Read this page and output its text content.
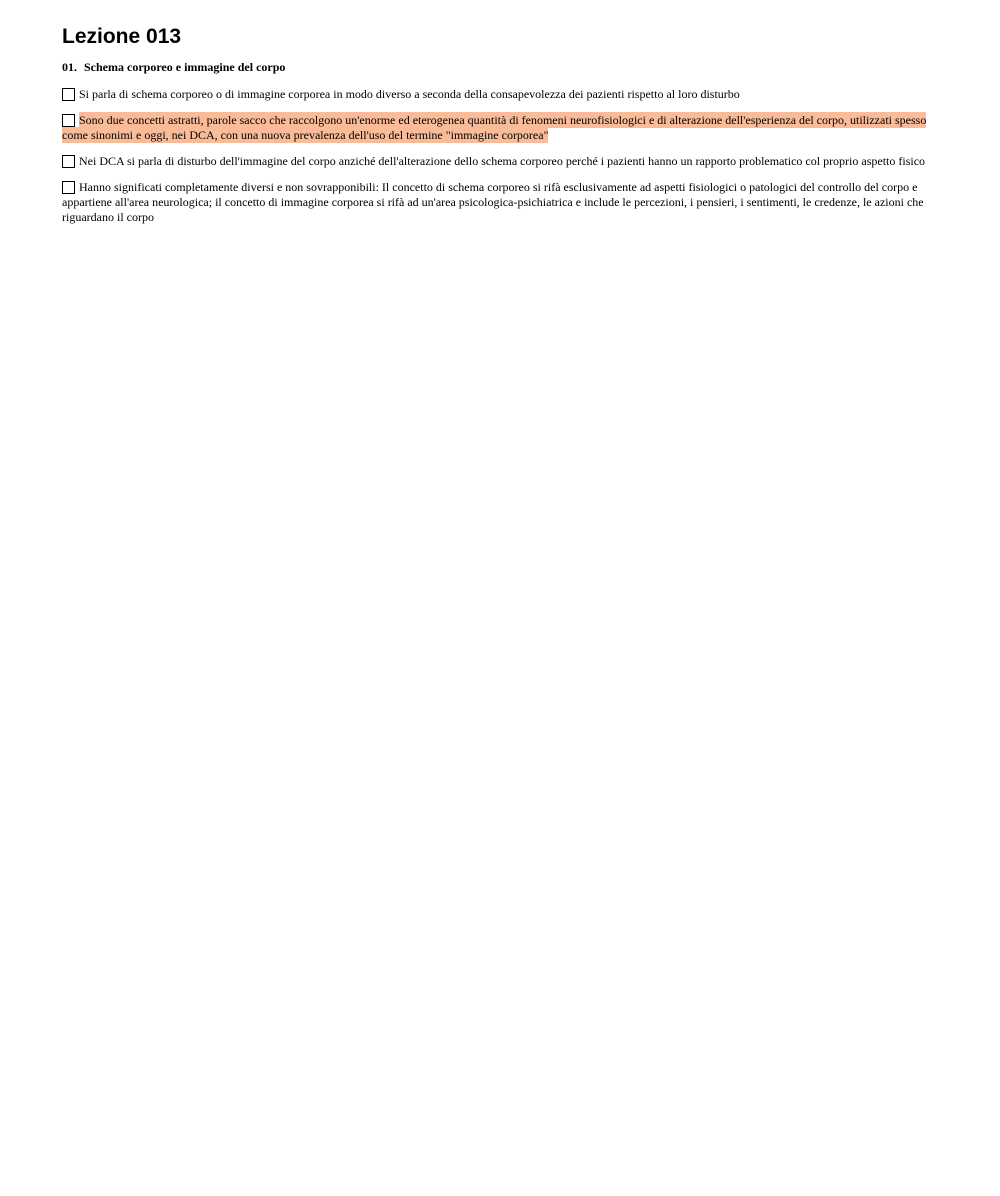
Lezione 013
01. Schema corporeo e immagine del corpo
Si parla di schema corporeo o di immagine corporea in modo diverso a seconda della consapevolezza dei pazienti rispetto al loro disturbo
Sono due concetti astratti, parole sacco che raccolgono un'enorme ed eterogenea quantità di fenomeni neurofisiologici e di alterazione dell'esperienza del corpo, utilizzati spesso come sinonimi e oggi, nei DCA, con una nuova prevalenza dell'uso del termine "immagine corporea"
Nei DCA si parla di disturbo dell'immagine del corpo anziché dell'alterazione dello schema corporeo perché i pazienti hanno un rapporto problematico col proprio aspetto fisico
Hanno significati completamente diversi e non sovrapponibili: Il concetto di schema corporeo si rifà esclusivamente ad aspetti fisiologici o patologici del controllo del corpo e appartiene all'area neurologica; il concetto di immagine corporea si rifà ad un'area psicologica-psichiatrica e include le percezioni, i pensieri, i sentimenti, le credenze, le azioni che riguardano il corpo
